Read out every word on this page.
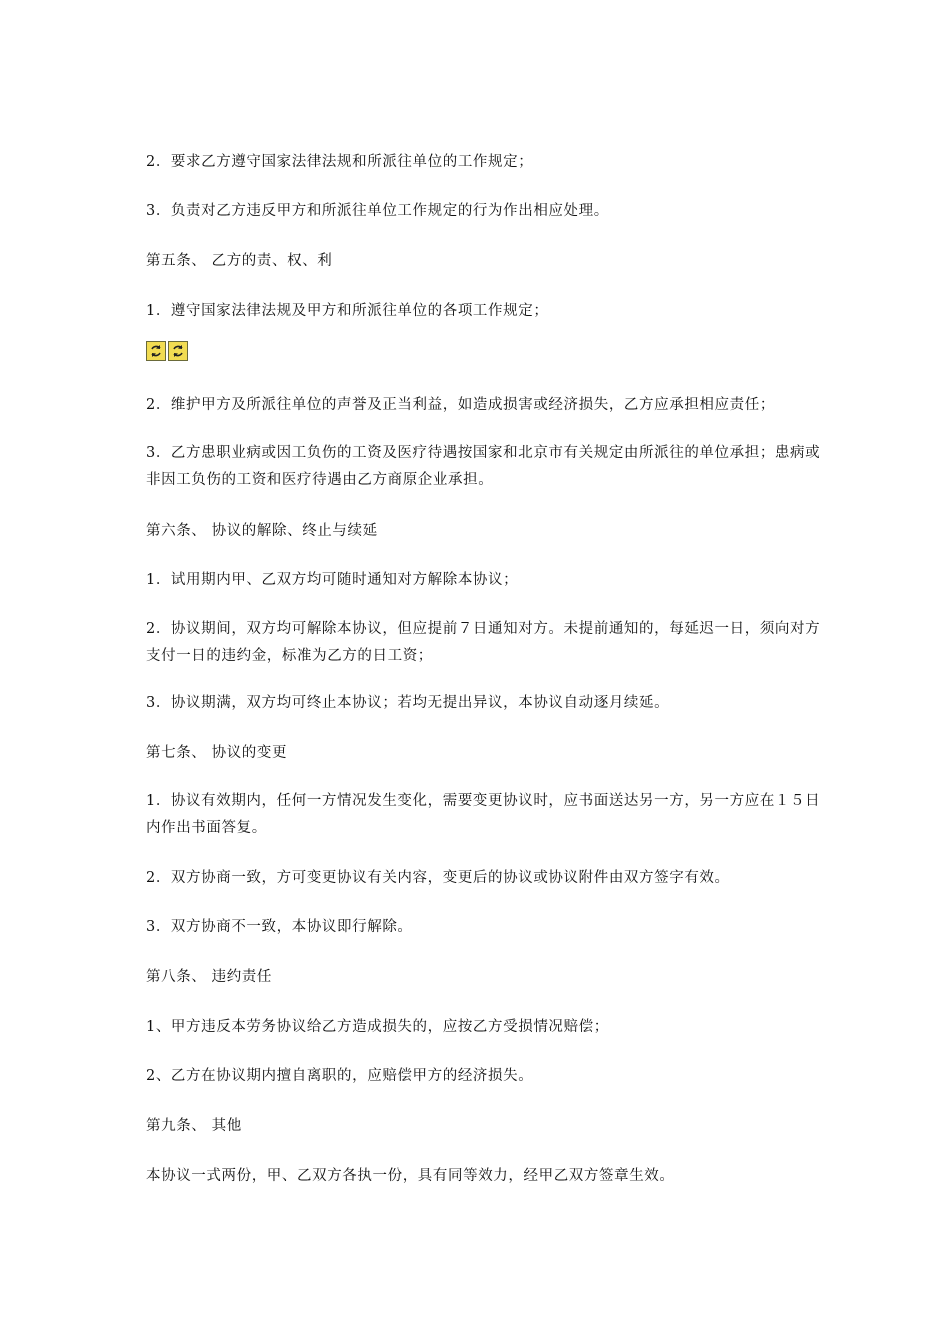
2．要求乙方遵守国家法律法规和所派往单位的工作规定；
3．负责对乙方违反甲方和所派往单位工作规定的行为作出相应处理。
第五条、 乙方的责、权、利
1．遵守国家法律法规及甲方和所派往单位的各项工作规定；
2．维护甲方及所派往单位的声誉及正当利益，如造成损害或经济损失，乙方应承担相应责任；
3．乙方患职业病或因工负伤的工资及医疗待遇按国家和北京市有关规定由所派往的单位承担；患病或非因工负伤的工资和医疗待遇由乙方商原企业承担。
第六条、 协议的解除、终止与续延
1．试用期内甲、乙双方均可随时通知对方解除本协议；
2．协议期间，双方均可解除本协议，但应提前７日通知对方。未提前通知的，每延迟一日，须向对方支付一日的违约金，标准为乙方的日工资；
3．协议期满，双方均可终止本协议；若均无提出异议，本协议自动逐月续延。
第七条、 协议的变更
1．协议有效期内，任何一方情况发生变化，需要变更协议时，应书面送达另一方，另一方应在１５日内作出书面答复。
2．双方协商一致，方可变更协议有关内容，变更后的协议或协议附件由双方签字有效。
3．双方协商不一致，本协议即行解除。
第八条、 违约责任
1、甲方违反本劳务协议给乙方造成损失的，应按乙方受损情况赔偿；
2、乙方在协议期内擅自离职的，应赔偿甲方的经济损失。
第九条、 其他
本协议一式两份，甲、乙双方各执一份，具有同等效力，经甲乙双方签章生效。
